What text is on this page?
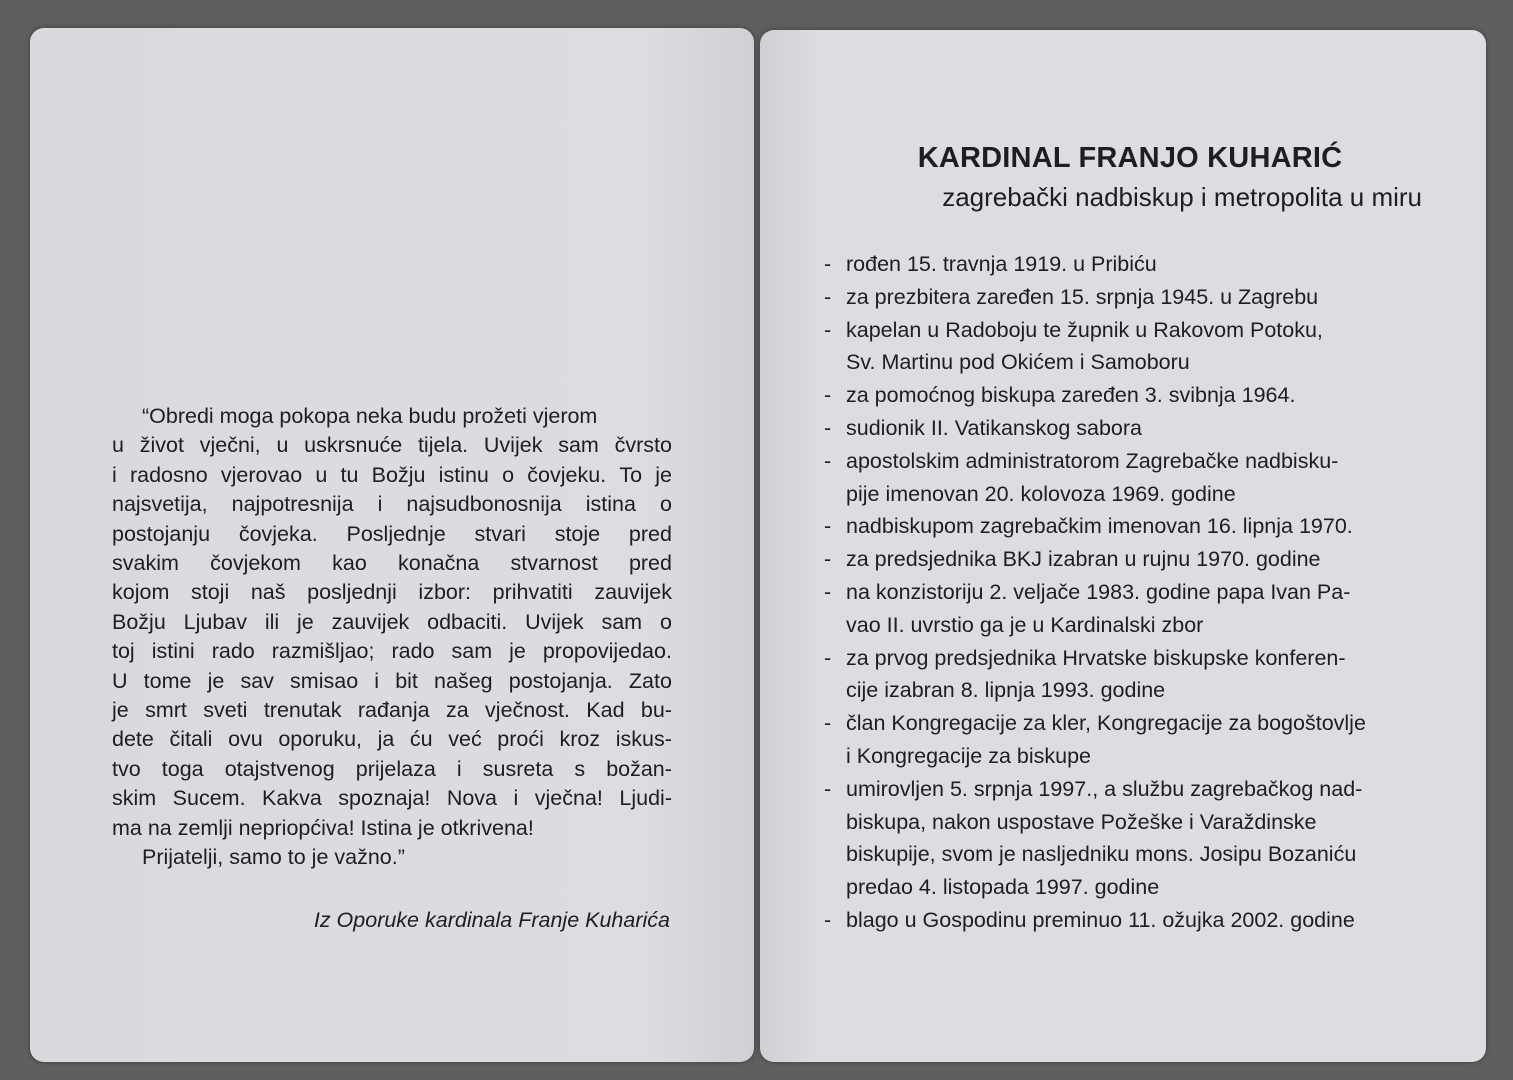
“Obredi moga pokopa neka budu prožeti vjerom
u život vječni, u uskrsnuće tijela. Uvijek sam čvrsto
i radosno vjerovao u tu Božju istinu o čovjeku. To je
najsvetija, najpotresnija i najsudbonosnija istina o
postojanju čovjeka. Posljednje stvari stoje pred
svakim čovjekom kao konačna stvarnost pred
kojom stoji naš posljednji izbor: prihvatiti zauvijek
Božju Ljubav ili je zauvijek odbaciti. Uvijek sam o
toj istini rado razmišljao; rado sam je propovijedao.
U tome je sav smisao i bit našeg postojanja. Zato
je smrt sveti trenutak rađanja za vječnost. Kad bu-
dete čitali ovu oporuku, ja ću već proći kroz iskus-
tvo toga otajstvenog prijelaza i susreta s božan-
skim Sucem. Kakva spoznaja! Nova i vječna! Ljudi-
ma na zemlji nepriopćiva! Istina je otkrivena!
Prijatelji, samo to je važno.”
Iz Oporuke kardinala Franje Kuharića
KARDINAL FRANJO KUHARIĆ
zagrebački nadbiskup i metropolita u miru
- rođen 15. travnja 1919. u Pribiću
- za prezbitera zaređen 15. srpnja 1945. u Zagrebu
- kapelan u Radoboju te župnik u Rakovom Potoku,
Sv. Martinu pod Okićem i Samoboru
- za pomoćnog biskupa zaređen 3. svibnja 1964.
- sudionik II. Vatikanskog sabora
- apostolskim administratorom Zagrebačke nadbisku-
pije imenovan 20. kolovoza 1969. godine
- nadbiskupom zagrebačkim imenovan 16. lipnja 1970.
- za predsjednika BKJ izabran u rujnu 1970. godine
- na konzistoriju 2. veljače 1983. godine papa Ivan Pa-
vao II. uvrstio ga je u Kardinalski zbor
- za prvog predsjednika Hrvatske biskupske konferen-
cije izabran 8. lipnja 1993. godine
- član Kongregacije za kler, Kongregacije za bogoštovlje
i Kongregacije za biskupe
- umirovljen 5. srpnja 1997., a službu zagrebačkog nad-
biskupa, nakon uspostave Požeške i Varaždinske
biskupije, svom je nasljedniku mons. Josipu Bozaniću
predao 4. listopada 1997. godine
- blago u Gospodinu preminuo 11. ožujka 2002. godine
